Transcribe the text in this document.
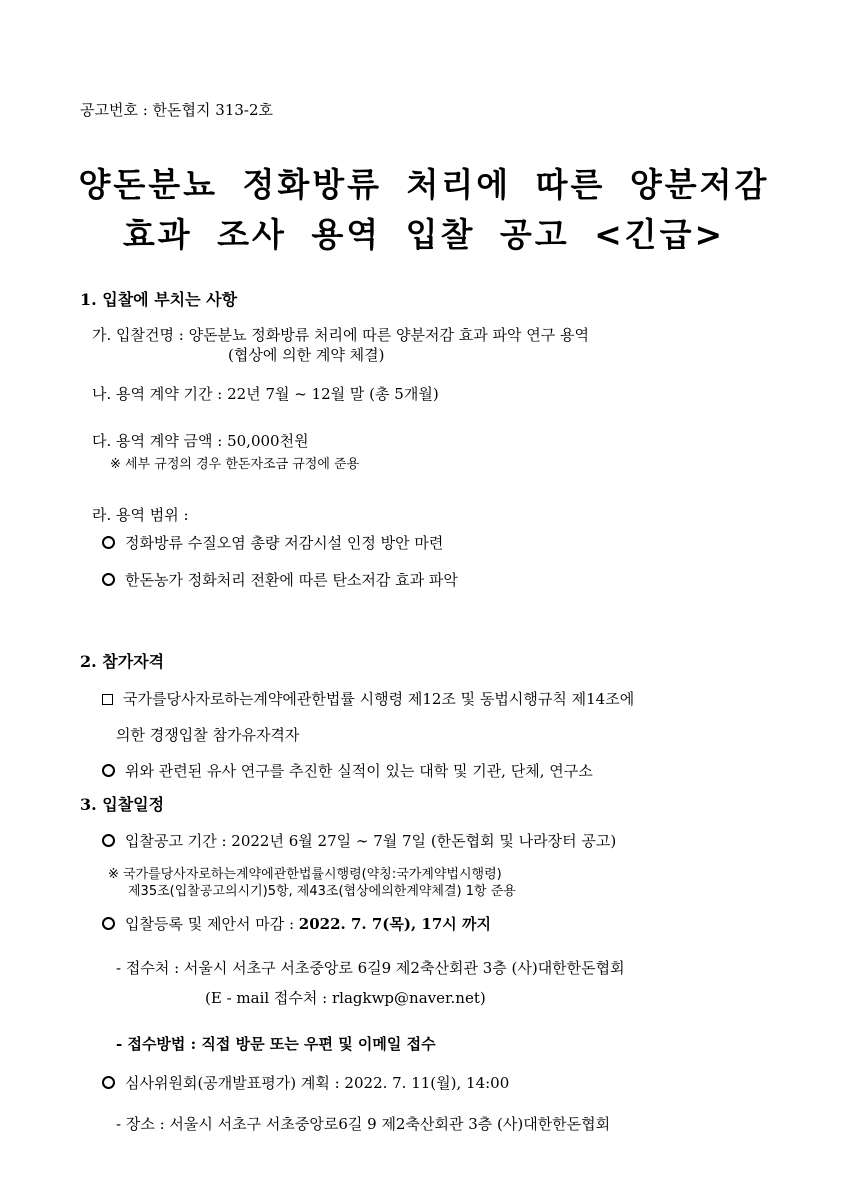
공고번호 : 한돈협지 313-2호
양돈분뇨 정화방류 처리에 따른 양분저감
효과 조사 용역 입찰 공고 <긴급>
1. 입찰에 부치는 사항
가. 입찰건명 : 양돈분뇨 정화방류 처리에 따른 양분저감 효과 파악 연구 용역
(협상에 의한 계약 체결)
나. 용역 계약 기간 : 22년 7월 ~ 12월 말 (총 5개월)
다. 용역 계약 금액 : 50,000천원
※ 세부 규정의 경우 한돈자조금 규정에 준용
라. 용역 범위 :
정화방류 수질오염 총량 저감시설 인정 방안 마련
한돈농가 정화처리 전환에 따른 탄소저감 효과 파악
2. 참가자격
국가를당사자로하는계약에관한법률 시행령 제12조 및 동법시행규칙 제14조에
의한 경쟁입찰 참가유자격자
위와 관련된 유사 연구를 추진한 실적이 있는 대학 및 기관, 단체, 연구소
3. 입찰일정
입찰공고 기간 : 2022년 6월 27일 ∼ 7월 7일 (한돈협회 및 나라장터 공고)
※ 국가를당사자로하는계약에관한법률시행령(약칭:국가계약법시행령)
제35조(입찰공고의시기)5항, 제43조(협상에의한계약체결) 1항 준용
입찰등록 및 제안서 마감 : 2022. 7. 7(목), 17시 까지
- 접수처 : 서울시 서초구 서초중앙로 6길9 제2축산회관 3층 (사)대한한돈협회
(E - mail 접수처 : rlagkwp@naver.net)
- 접수방법 : 직접 방문 또는 우편 및 이메일 접수
심사위원회(공개발표평가) 계획 : 2022. 7. 11(월), 14:00
- 장소 : 서울시 서초구 서초중앙로6길 9 제2축산회관 3층 (사)대한한돈협회
